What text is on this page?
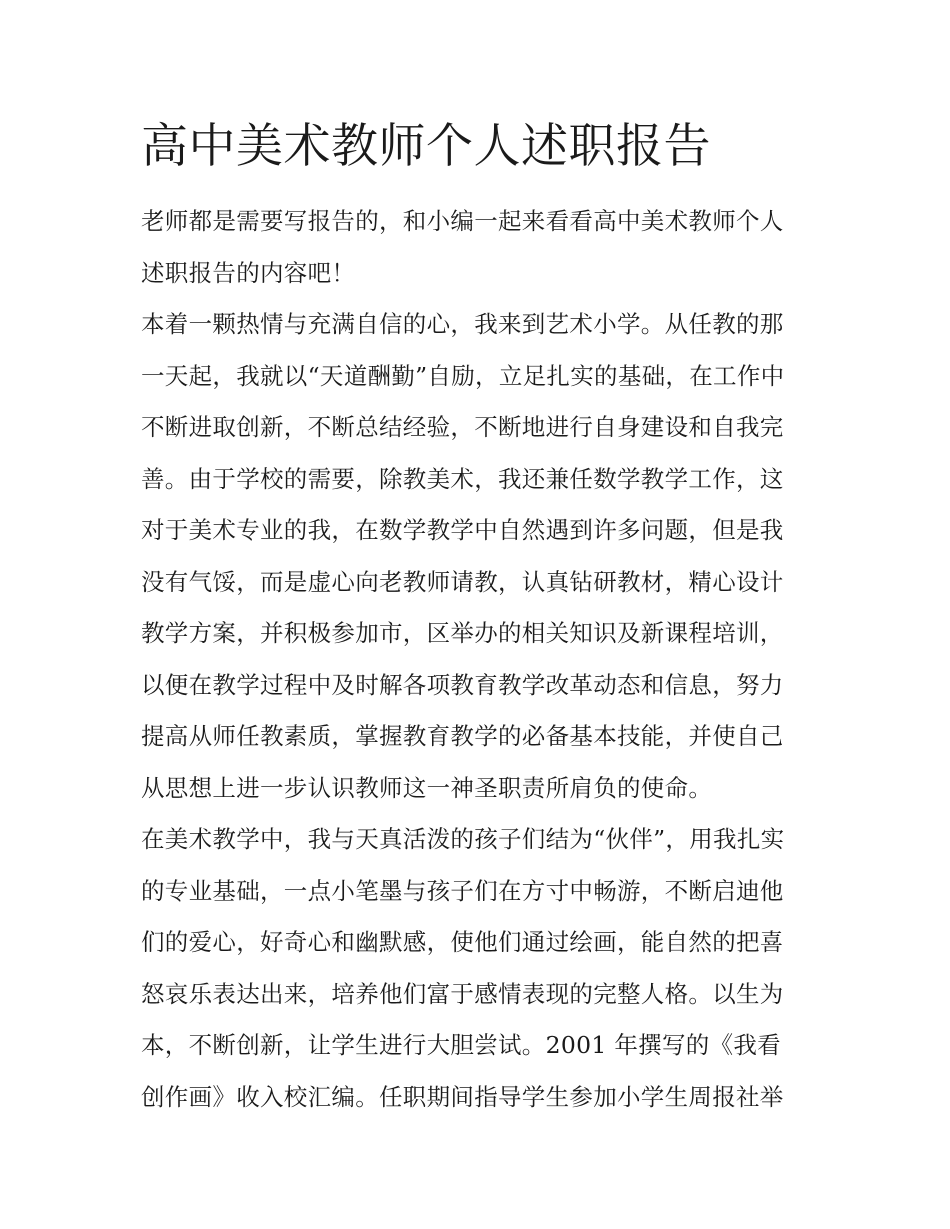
高中美术教师个人述职报告
老师都是需要写报告的，和小编一起来看看高中美术教师个人
述职报告的内容吧！
本着一颗热情与充满自信的心，我来到艺术小学。从任教的那
一天起，我就以“天道酬勤”自励，立足扎实的基础，在工作中
不断进取创新，不断总结经验，不断地进行自身建设和自我完
善。由于学校的需要，除教美术，我还兼任数学教学工作，这
对于美术专业的我，在数学教学中自然遇到许多问题，但是我
没有气馁，而是虚心向老教师请教，认真钻研教材，精心设计
教学方案，并积极参加市，区举办的相关知识及新课程培训，
以便在教学过程中及时解各项教育教学改革动态和信息，努力
提高从师任教素质，掌握教育教学的必备基本技能，并使自己
从思想上进一步认识教师这一神圣职责所肩负的使命。
在美术教学中，我与天真活泼的孩子们结为“伙伴”，用我扎实
的专业基础，一点小笔墨与孩子们在方寸中畅游，不断启迪他
们的爱心，好奇心和幽默感，使他们通过绘画，能自然的把喜
怒哀乐表达出来，培养他们富于感情表现的完整人格。以生为
本，不断创新，让学生进行大胆尝试。2001 年撰写的《我看
创作画》收入校汇编。任职期间指导学生参加小学生周报社举
